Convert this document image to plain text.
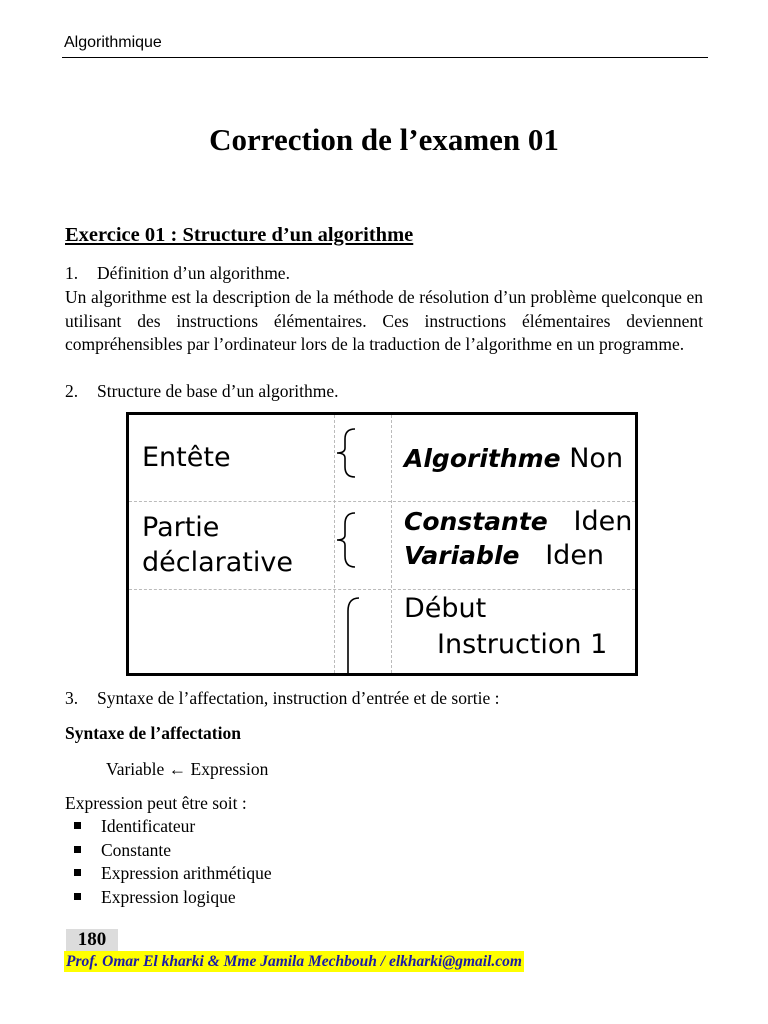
Algorithmique
Correction de l’examen 01
Exercice 01 : Structure d’un algorithme
1. Définition d’un algorithme.

Un algorithme est la description de la méthode de résolution d’un problème quelconque en utilisant des instructions élémentaires. Ces instructions élémentaires deviennent compréhensibles par l’ordinateur lors de la traduction de l’algorithme en un programme.

2. Structure de base d’un algorithme.
Entête	Algorithme Non
Partie
déclarative
Constante Iden
Variable Iden
Début
Instruction 1
3. Syntaxe de l’affectation, instruction d’entrée et de sortie :
Syntaxe de l’affectation
Variable ← Expression
Expression peut être soit :
Identificateur
Constante
Expression arithmétique
Expression logique
180
Prof. Omar El kharki & Mme Jamila Mechbouh / elkharki@gmail.com
